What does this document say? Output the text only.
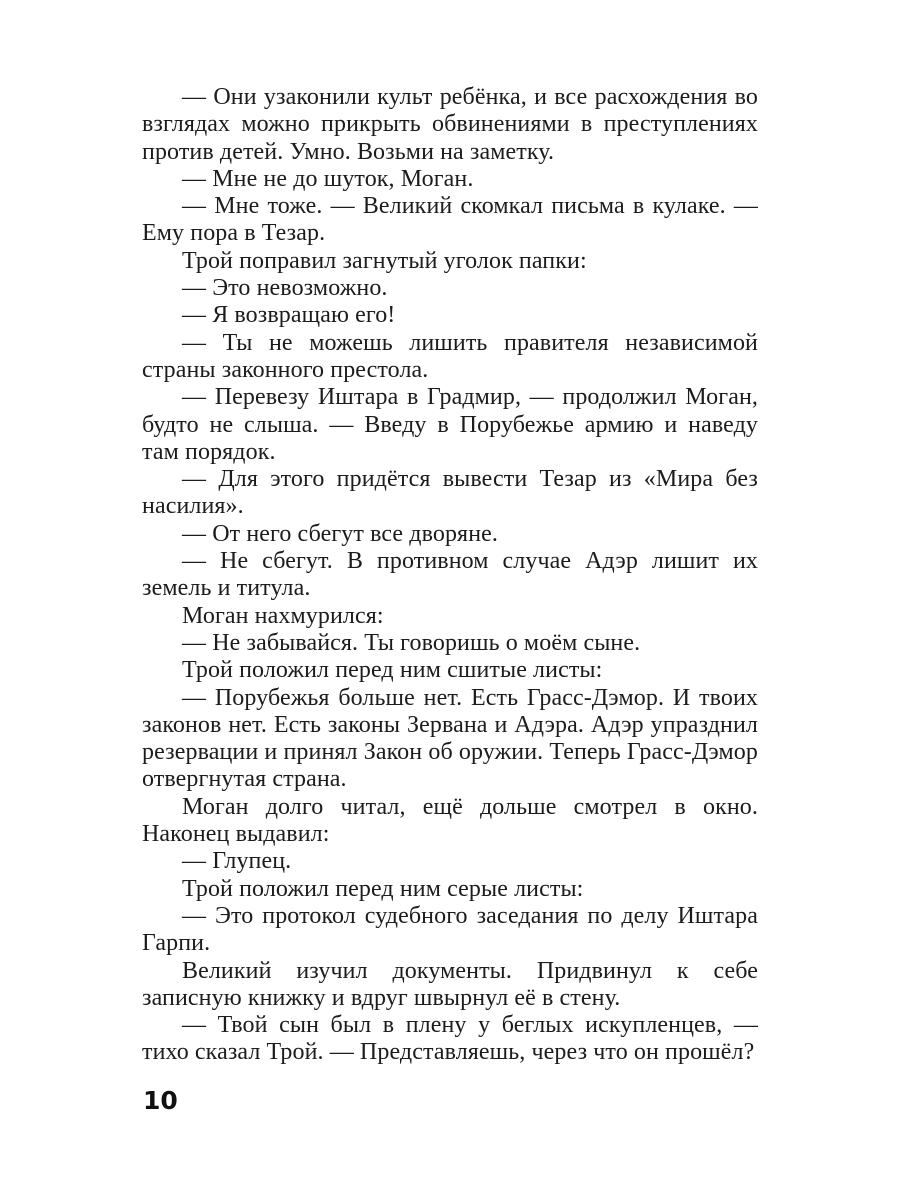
— Они узаконили культ ребёнка, и все расхождения во взглядах можно прикрыть обвинениями в преступлениях против детей. Умно. Возьми на заметку.

— Мне не до шуток, Моган.

— Мне тоже. — Великий скомкал письма в кулаке. — Ему пора в Тезар.

Трой поправил загнутый уголок папки:

— Это невозможно.

— Я возвращаю его!

— Ты не можешь лишить правителя независимой страны законного престола.

— Перевезу Иштара в Градмир, — продолжил Моган, будто не слыша. — Введу в Порубежье армию и наведу там порядок.

— Для этого придётся вывести Тезар из «Мира без насилия».

— От него сбегут все дворяне.

— Не сбегут. В противном случае Адэр лишит их земель и титула.

Моган нахмурился:

— Не забывайся. Ты говоришь о моём сыне.

Трой положил перед ним сшитые листы:

— Порубежья больше нет. Есть Грасс-Дэмор. И твоих законов нет. Есть законы Зервана и Адэра. Адэр упразднил резервации и принял Закон об оружии. Теперь Грасс-Дэмор отвергнутая страна.

Моган долго читал, ещё дольше смотрел в окно. Наконец выдавил:

— Глупец.

Трой положил перед ним серые листы:

— Это протокол судебного заседания по делу Иштара Гарпи.

Великий изучил документы. Придвинул к себе записную книжку и вдруг швырнул её в стену.

— Твой сын был в плену у беглых искупленцев, — тихо сказал Трой. — Представляешь, через что он прошёл?

10
